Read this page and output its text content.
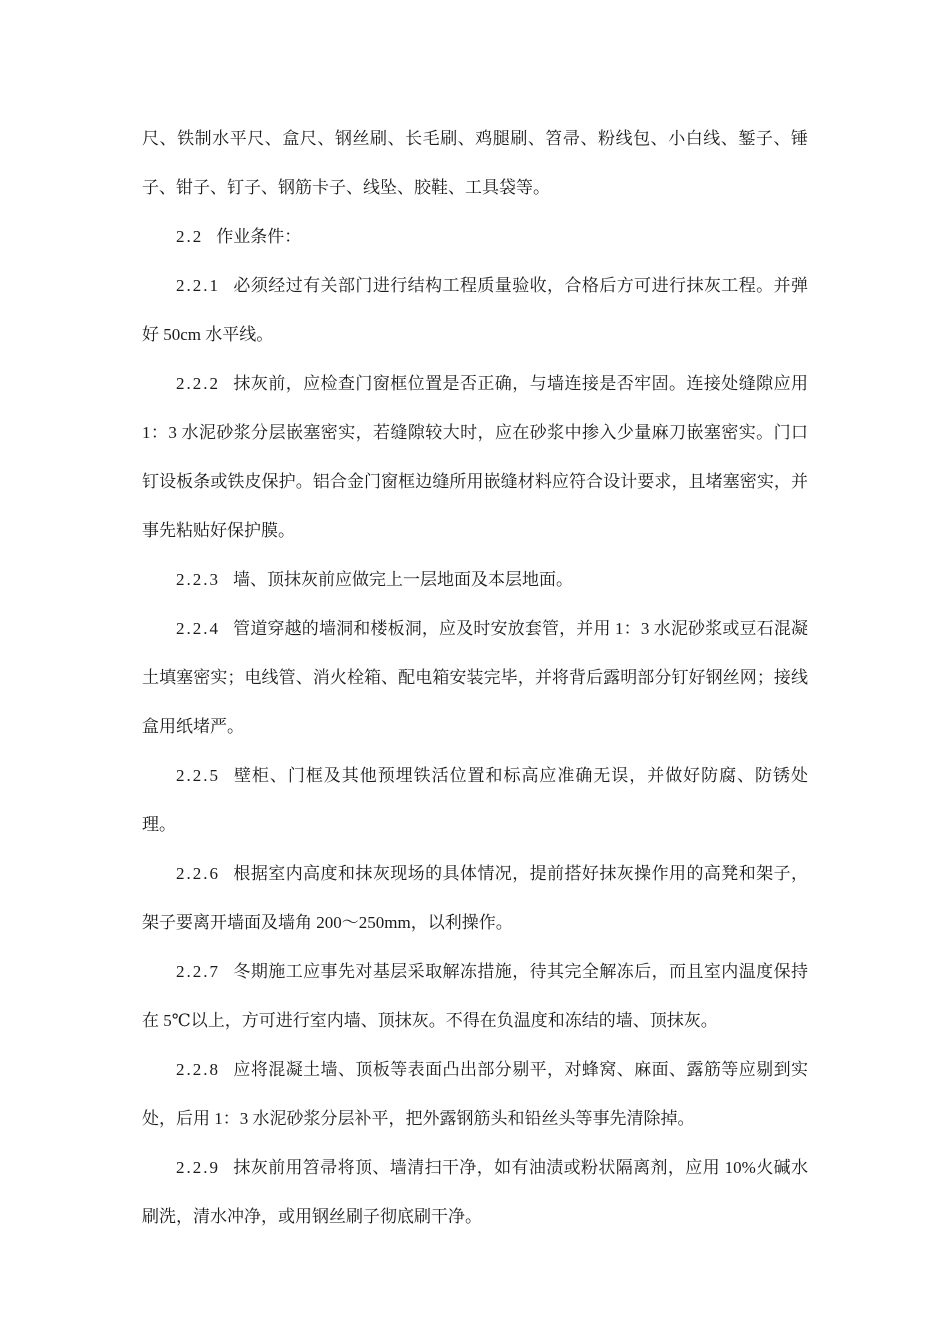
尺、铁制水平尺、盒尺、钢丝刷、长毛刷、鸡腿刷、笤帚、粉线包、小白线、錾子、锤子、钳子、钉子、钢筋卡子、线坠、胶鞋、工具袋等。

2.2 作业条件：

2.2.1 必须经过有关部门进行结构工程质量验收，合格后方可进行抹灰工程。并弹好 50cm 水平线。

2.2.2 抹灰前，应检查门窗框位置是否正确，与墙连接是否牢固。连接处缝隙应用 1：3 水泥砂浆分层嵌塞密实，若缝隙较大时，应在砂浆中掺入少量麻刀嵌塞密实。门口钉设板条或铁皮保护。铝合金门窗框边缝所用嵌缝材料应符合设计要求，且堵塞密实，并事先粘贴好保护膜。

2.2.3 墙、顶抹灰前应做完上一层地面及本层地面。

2.2.4 管道穿越的墙洞和楼板洞，应及时安放套管，并用 1：3 水泥砂浆或豆石混凝土填塞密实；电线管、消火栓箱、配电箱安装完毕，并将背后露明部分钉好钢丝网；接线盒用纸堵严。

2.2.5 壁柜、门框及其他预埋铁活位置和标高应准确无误，并做好防腐、防锈处理。

2.2.6 根据室内高度和抹灰现场的具体情况，提前搭好抹灰操作用的高凳和架子，架子要离开墙面及墙角 200～250mm，以利操作。

2.2.7 冬期施工应事先对基层采取解冻措施，待其完全解冻后，而且室内温度保持在 5℃以上，方可进行室内墙、顶抹灰。不得在负温度和冻结的墙、顶抹灰。

2.2.8 应将混凝土墙、顶板等表面凸出部分剔平，对蜂窝、麻面、露筋等应剔到实处，后用 1：3 水泥砂浆分层补平，把外露钢筋头和铅丝头等事先清除掉。

2.2.9 抹灰前用笤帚将顶、墙清扫干净，如有油渍或粉状隔离剂，应用 10%火碱水刷洗，清水冲净，或用钢丝刷子彻底刷干净。
